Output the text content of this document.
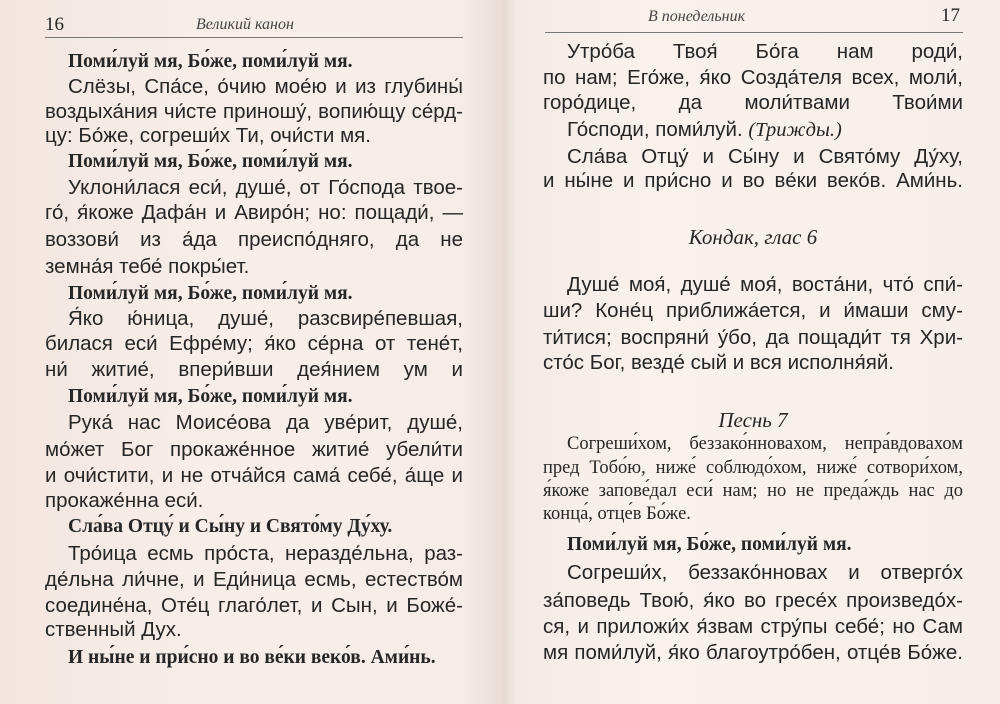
16	Великий канон
Поми́луй мя, Бо́же, поми́луй мя.
Слёзы, Спа́се, о́чию мое́ю и из глубины́
воздыха́ния чи́сте приношу́, вопию́щу се́рд-
цу: Бо́же, согреши́х Ти, очи́сти мя.
Поми́луй мя, Бо́же, поми́луй мя.
Уклони́лася еси́, душе́, от Го́спода твое-
го́, я́коже Дафа́н и Авиро́н; но: пощади́, —
воззови́ из а́да преиспо́дняго, да не
земна́я тебе́ покры́ет.
Поми́луй мя, Бо́же, поми́луй мя.
Я́ко ю́ница, душе́, разсвире́певшая,
билася еси́ Ефре́му; я́ко се́рна от тене́т,
ни́ житие́, впери́вши дея́нием ум и
Поми́луй мя, Бо́же, поми́луй мя.
Рука́ нас Моисе́ова да уве́рит, душе́,
мо́жет Бог прокаже́нное житие́ убели́ти
и очи́стити, и не отча́йся сама́ себе́, а́ще и
прокаже́нна еси́.
Сла́ва Отцу́ и Сы́ну и Свято́му Ду́ху.
Тро́ица есмь про́ста, неразде́льна, раз-
де́льна ли́чне, и Еди́ница есмь, естество́м
соедине́на, Оте́ц глаго́лет, и Сын, и Боже́-
ственный Дух.
И ны́не и при́сно и во ве́ки веко́в. Ами́нь.
В понедельник	17
Утро́ба Твоя́ Бо́га нам роди́,
по нам; Его́же, я́ко Созда́теля всех, моли́,
горо́дице, да моли́твами Твои́ми
Го́споди, поми́луй. (Трижды.)
Сла́ва Отцу́ и Сы́ну и Свято́му Ду́ху,
и ны́не и при́сно и во ве́ки веко́в. Ами́нь.
Кондак, глас 6
Душе́ моя́, душе́ моя́, воста́ни, что́ спи́-
ши? Коне́ц приближа́ется, и и́маши сму-
ти́тися; воспряни́ у́бо, да пощади́т тя Хри-
сто́с Бог, везде́ сый и вся исполня́яй.
Песнь 7
Согреши́хом, беззако́нновахом, непра́вдовахом
пред Тобо́ю, ниже́ соблюдо́хом, ниже́ сотвори́хом,
я́коже запове́дал еси́ нам; но не преда́ждь нас до
конца́, отце́в Бо́же.
Поми́луй мя, Бо́же, поми́луй мя.
Согреши́х, беззако́нновах и отверго́х
за́поведь Твою́, я́ко во гресе́х произведо́х-
ся, и приложи́х я́звам стру́пы себе́; но Сам
мя поми́луй, я́ко благоутро́бен, отце́в Бо́же.
